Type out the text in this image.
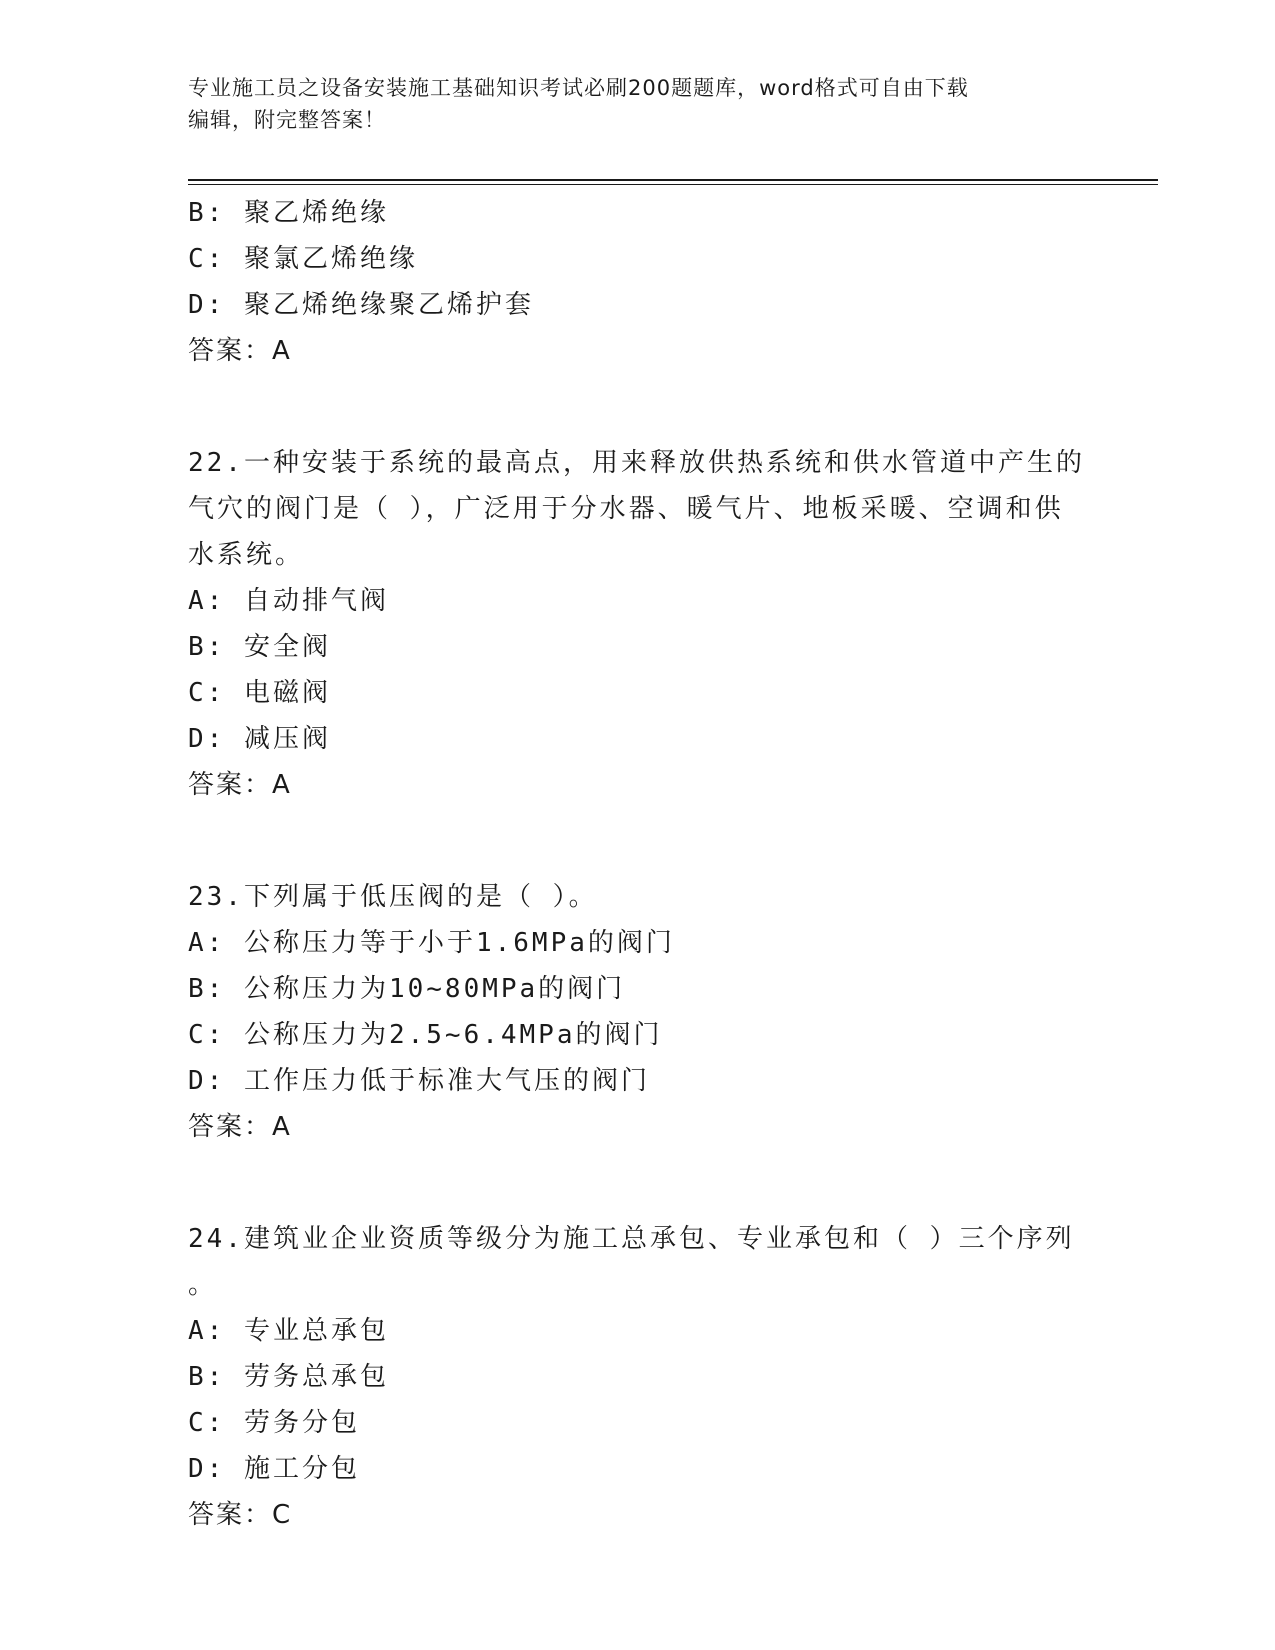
专业施工员之设备安装施工基础知识考试必刷200题题库，word格式可自由下载
编辑，附完整答案！
B: 聚乙烯绝缘
C: 聚氯乙烯绝缘
D: 聚乙烯绝缘聚乙烯护套
答案：A
22.一种安装于系统的最高点，用来释放供热系统和供水管道中产生的
气穴的阀门是（ ），广泛用于分水器、暖气片、地板采暖、空调和供
水系统。
A: 自动排气阀
B: 安全阀
C: 电磁阀
D: 减压阀
答案：A
23.下列属于低压阀的是（ ）。
A: 公称压力等于小于1.6MPa的阀门
B: 公称压力为10~80MPa的阀门
C: 公称压力为2.5~6.4MPa的阀门
D: 工作压力低于标准大气压的阀门
答案：A
24.建筑业企业资质等级分为施工总承包、专业承包和（ ）三个序列
。
A: 专业总承包
B: 劳务总承包
C: 劳务分包
D: 施工分包
答案：C
